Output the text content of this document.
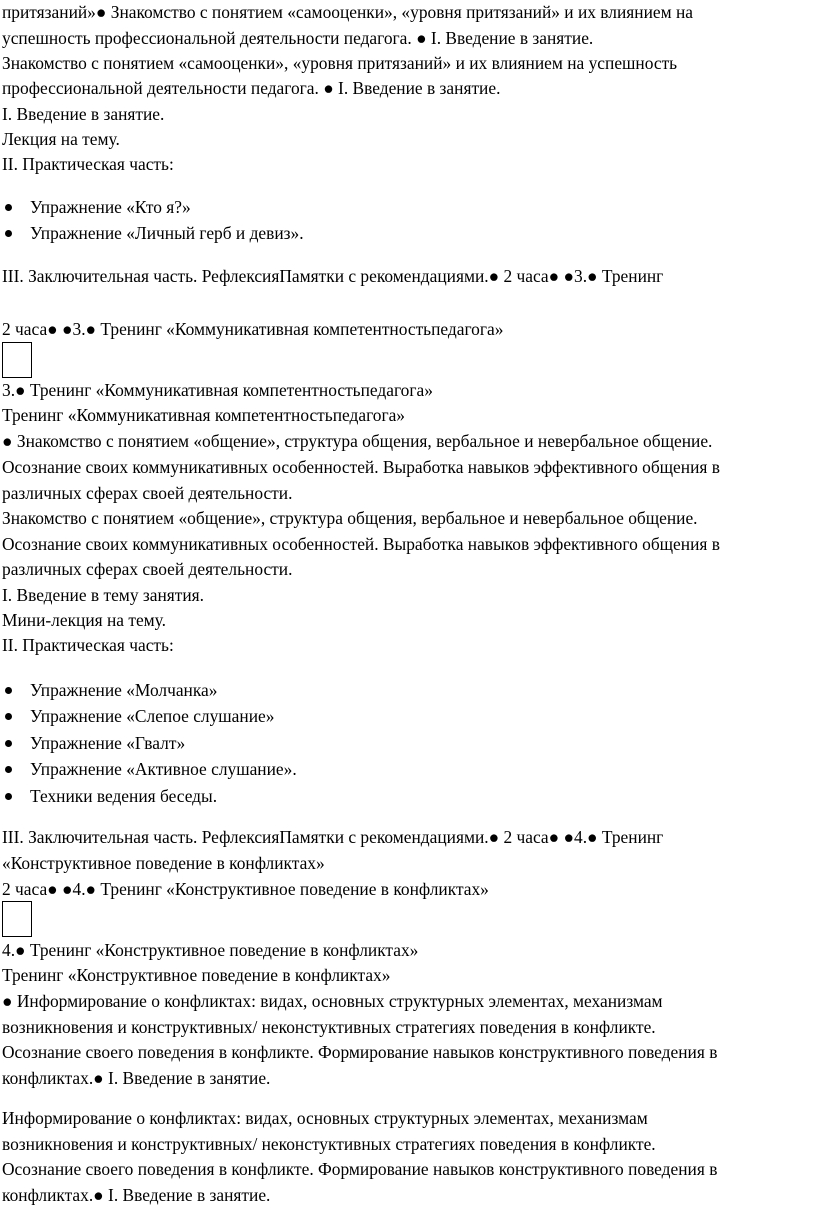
притязаний»● Знакомство с понятием «самооценки», «уровня притязаний» и их влиянием на
успешность профессиональной деятельности педагога. ● I. Введение в занятие.
Знакомство с понятием «самооценки», «уровня притязаний» и их влиянием на успешность
профессиональной деятельности педагога. ● I. Введение в занятие.
I. Введение в занятие.
Лекция на тему.
II. Практическая часть:
Упражнение «Кто я?»
Упражнение «Личный герб и девиз».
III. Заключительная часть. РефлексияПамятки с рекомендациями.● 2 часа● ●3.● Тренинг
2 часа● ●3.● Тренинг «Коммуникативная компетентностьпедагога»
3.● Тренинг «Коммуникативная компетентностьпедагога»
Тренинг «Коммуникативная компетентностьпедагога»
● Знакомство с понятием «общение», структура общения, вербальное и невербальное общение.
Осознание своих коммуникативных особенностей. Выработка навыков эффективного общения в
различных сферах своей деятельности.
Знакомство с понятием «общение», структура общения, вербальное и невербальное общение.
Осознание своих коммуникативных особенностей. Выработка навыков эффективного общения в
различных сферах своей деятельности.
I. Введение в тему занятия.
Мини-лекция на тему.
II. Практическая часть:
Упражнение «Молчанка»
Упражнение «Слепое слушание»
Упражнение «Гвалт»
Упражнение «Активное слушание».
Техники ведения беседы.
III. Заключительная часть. РефлексияПамятки с рекомендациями.● 2 часа● ●4.● Тренинг
«Конструктивное поведение в конфликтах»
2 часа● ●4.● Тренинг «Конструктивное поведение в конфликтах»
4.● Тренинг «Конструктивное поведение в конфликтах»
Тренинг «Конструктивное поведение в конфликтах»
● Информирование о конфликтах: видах, основных структурных элементах, механизмам
возникновения и конструктивных/ неконстуктивных стратегиях поведения в конфликте.
Осознание своего поведения в конфликте. Формирование навыков конструктивного поведения в
конфликтах.● I. Введение в занятие.
Информирование о конфликтах: видах, основных структурных элементах, механизмам
возникновения и конструктивных/ неконстуктивных стратегиях поведения в конфликте.
Осознание своего поведения в конфликте. Формирование навыков конструктивного поведения в
конфликтах.● I. Введение в занятие.
